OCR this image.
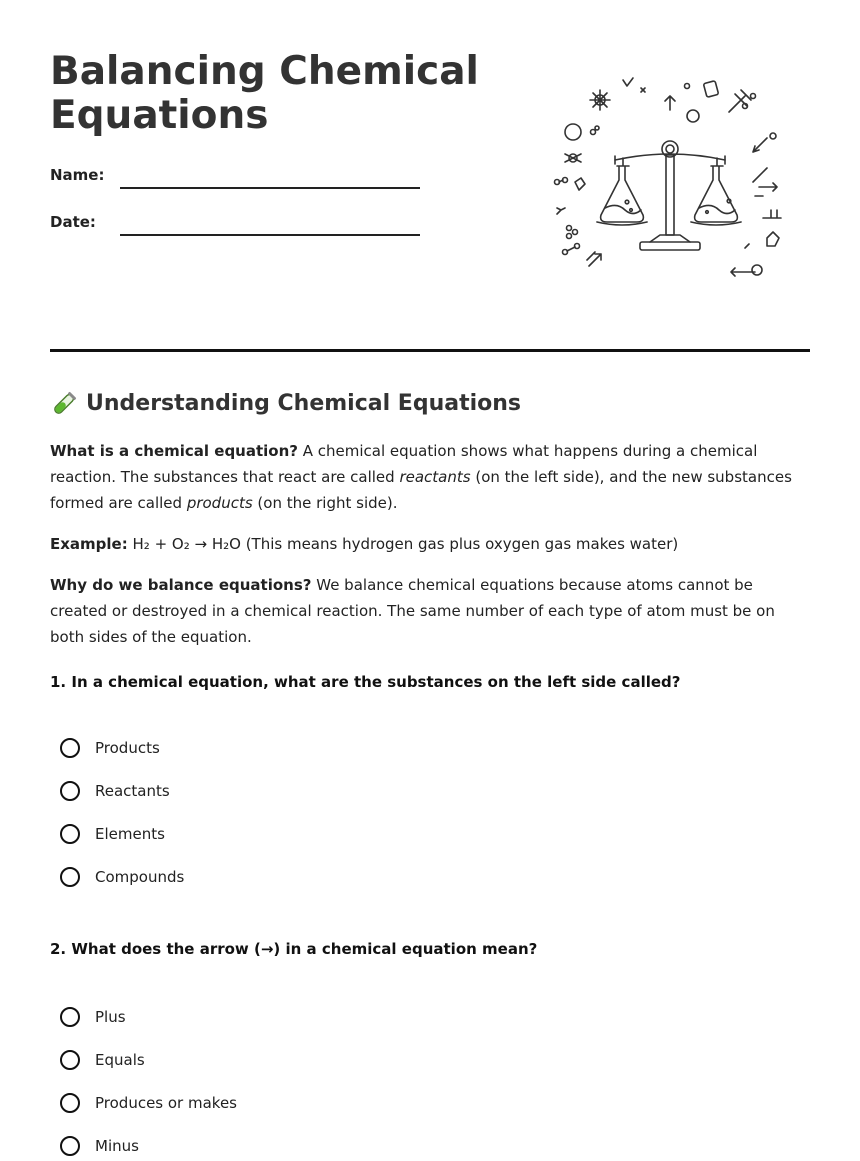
Balancing Chemical Equations
Name:
Date:
Understanding Chemical Equations

What is a chemical equation? A chemical equation shows what happens during a chemical reaction. The substances that react are called reactants (on the left side), and the new substances formed are called products (on the right side).

Example: H₂ + O₂ → H₂O (This means hydrogen gas plus oxygen gas makes water)

Why do we balance equations? We balance chemical equations because atoms cannot be created or destroyed in a chemical reaction. The same number of each type of atom must be on both sides of the equation.

1. In a chemical equation, what are the substances on the left side called?

Products
Reactants
Elements
Compounds

2. What does the arrow (→) in a chemical equation mean?

Plus
Equals
Produces or makes
Minus
